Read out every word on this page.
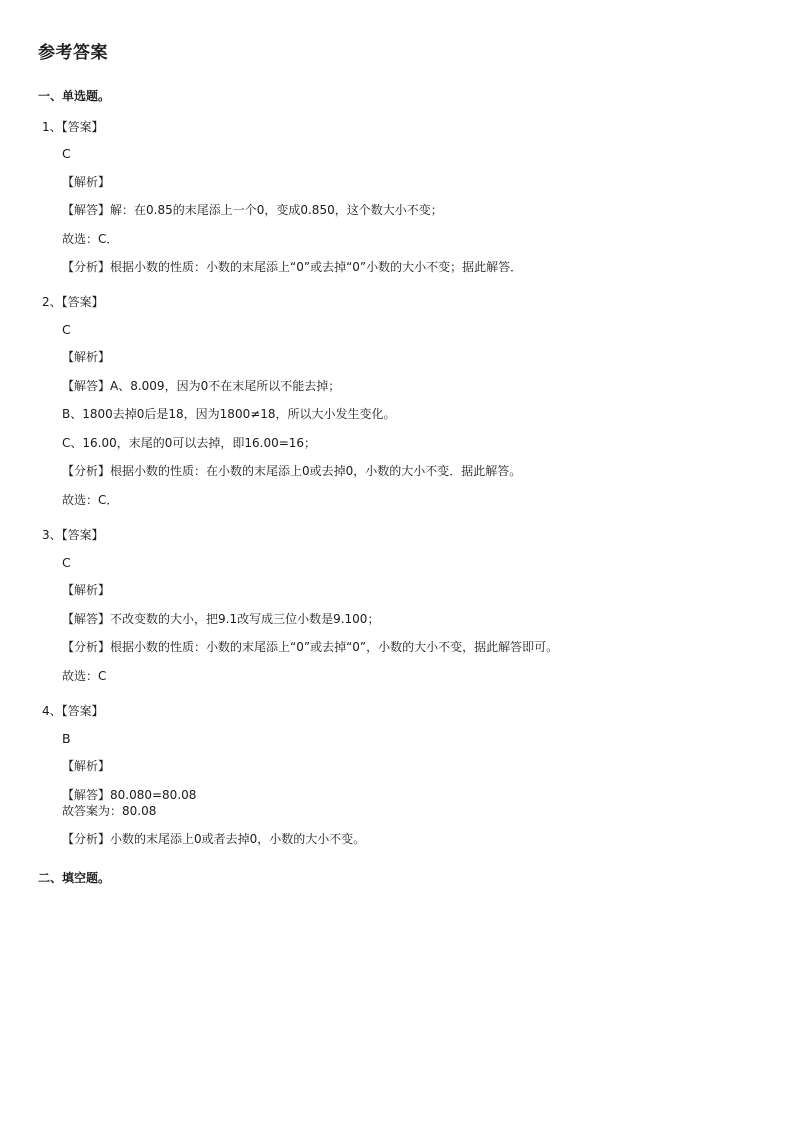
参考答案
一、单选题。
1、【答案】
C
【解析】
【解答】解：在0.85的末尾添上一个0，变成0.850，这个数大小不变；
故选：C．
【分析】根据小数的性质：小数的末尾添上“0”或去掉“0”小数的大小不变；据此解答．
2、【答案】
C
【解析】
【解答】A、8.009，因为0不在末尾所以不能去掉；
B、1800去掉0后是18，因为1800≠18，所以大小发生变化。
C、16.00，末尾的0可以去掉，即16.00=16；
【分析】根据小数的性质：在小数的末尾添上0或去掉0，小数的大小不变．据此解答。
故选：C．
3、【答案】
C
【解析】
【解答】不改变数的大小，把9.1改写成三位小数是9.100；
【分析】根据小数的性质：小数的末尾添上“0”或去掉“0”，小数的大小不变，据此解答即可。
故选：C
4、【答案】
B
【解析】
【解答】80.080=80.08
故答案为：80.08
【分析】小数的末尾添上0或者去掉0，小数的大小不变。
二、填空题。
